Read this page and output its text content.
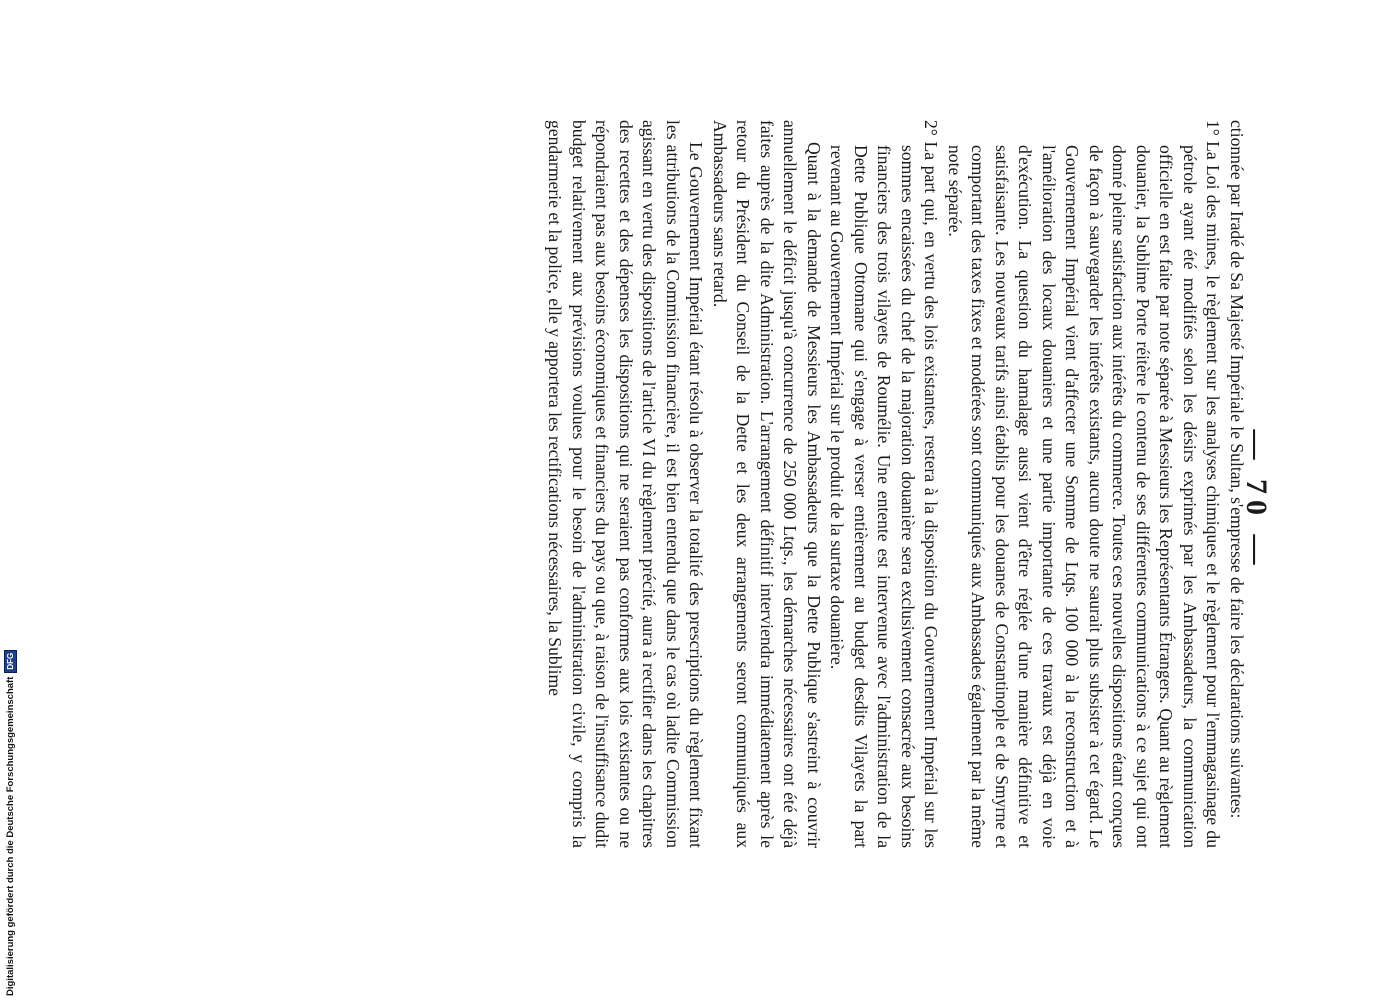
— 70 —

ctionnée par Iradé de Sa Majesté Impériale le Sultan, s'empresse de faire les déclarations suivantes:

1° La Loi des mines, le règlement sur les analyses chimiques et le règlement pour l'emmagasinage du pétrole ayant été modifiés selon les désirs exprimés par les Ambassadeurs, la communication officielle en est faite par note séparée à Messieurs les Représentants Étrangers. Quant au règlement douanier, la Sublime Porte réitère le contenu de ses différentes communications à ce sujet qui ont donné pleine satisfaction aux intérêts du commerce. Toutes ces nouvelles dispositions étant conçues de façon à sauvegarder les intérêts existants, aucun doute ne saurait plus subsister à cet égard. Le Gouvernement Impérial vient d'affecter une Somme de Ltqs. 100 000 à la reconstruction et à l'amélioration des locaux douaniers et une partie importante de ces travaux est déjà en voie d'exécution. La question du hamalage aussi vient d'être réglée d'une manière définitive et satisfaisante. Les nouveaux tarifs ainsi établis pour les douanes de Constantinople et de Smyrne et comportant des taxes fixes et modérées sont communiqués aux Ambassades également par la même note séparée.

2° La part qui, en vertu des lois existantes, restera à la disposition du Gouvernement Impérial sur les sommes encaissées du chef de la majoration douanière sera exclusivement consacrée aux besoins financiers des trois vilayets de Roumélie. Une entente est intervenue avec l'administration de la Dette Publique Ottomane qui s'engage à verser entièrement au budget desdits Vilayets la part revenant au Gouvernement Impérial sur le produit de la surtaxe douanière.

Quant à la demande de Messieurs les Ambassadeurs que la Dette Publique s'astreint à couvrir annuellement le déficit jusqu'à concurrence de 250 000 Ltqs., les démarches nécessaires ont été déjà faites auprès de la dite Administration. L'arrangement définitif interviendra immédiatement après le retour du Président du Conseil de la Dette et les deux arrangements seront communiqués aux Ambassadeurs sans retard.

Le Gouvernement Impérial étant résolu à observer la totalité des prescriptions du règlement fixant les attributions de la Commission financière, il est bien entendu que dans le cas où ladite Commission agissant en vertu des dispositions de l'article VI du règlement précité, aura à rectifier dans les chapitres des recettes et des dépenses les dispositions qui ne seraient pas conformes aux lois existantes ou ne répondraient pas aux besoins économiques et financiers du pays ou que, à raison de l'insuffisance dudit budget relativement aux prévisions voulues pour le besoin de l'administration civile, y compris la gendarmerie et la police, elle y apportera les rectifications nécessaires, la Sublime

Digitalisierung gefördert durch die Deutsche Forschungsgemeinschaft
DFG
